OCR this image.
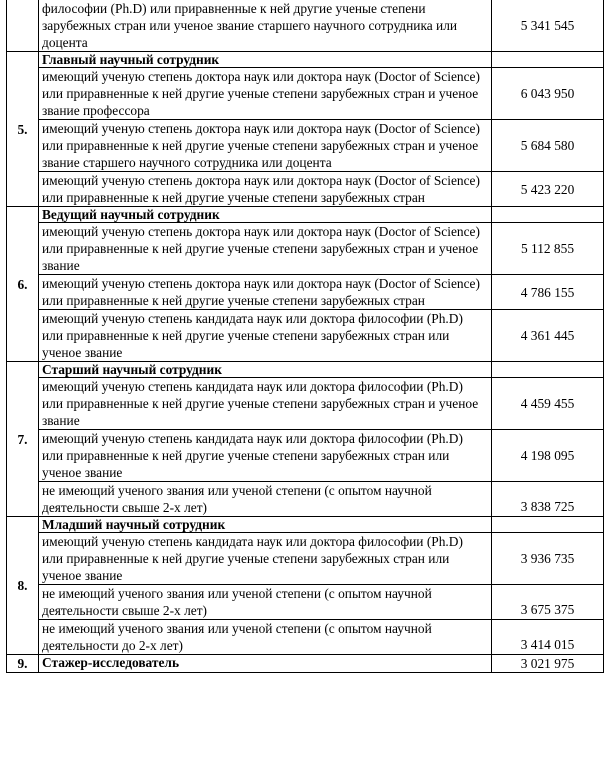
	философии (Ph.D) или приравненные к ней другие ученые степени зарубежных стран или ученое звание старшего научного сотрудника или доцента	5 341 545
5.	Главный научный сотрудник	
	имеющий ученую степень доктора наук или доктора наук (Doctor of Science) или приравненные к ней другие ученые степени зарубежных стран и ученое звание профессора	6 043 950
	имеющий ученую степень доктора наук или доктора наук (Doctor of Science) или приравненные к ней другие ученые степени зарубежных стран и ученое звание старшего научного сотрудника или доцента	5 684 580
	имеющий ученую степень доктора наук или доктора наук (Doctor of Science) или приравненные к ней другие ученые степени зарубежных стран	5 423 220
6.	Ведущий научный сотрудник	
	имеющий ученую степень доктора наук или доктора наук (Doctor of Science) или приравненные к ней другие ученые степени зарубежных стран и ученое звание	5 112 855
	имеющий ученую степень доктора наук или доктора наук (Doctor of Science) или приравненные к ней другие ученые степени зарубежных стран	4 786 155
	имеющий ученую степень кандидата наук или доктора философии (Ph.D) или приравненные к ней другие ученые степени зарубежных стран или ученое звание	4 361 445
7.	Старший научный сотрудник	
	имеющий ученую степень кандидата наук или доктора философии (Ph.D) или приравненные к ней другие ученые степени зарубежных стран и ученое звание	4 459 455
	имеющий ученую степень кандидата наук или доктора философии (Ph.D) или приравненные к ней другие ученые степени зарубежных стран или ученое звание	4 198 095
	не имеющий ученого звания или ученой степени (с опытом научной деятельности свыше 2-х лет)	3 838 725
8.	Младший научный сотрудник	
	имеющий ученую степень кандидата наук или доктора философии (Ph.D) или приравненные к ней другие ученые степени зарубежных стран или ученое звание	3 936 735
	не имеющий ученого звания или ученой степени (с опытом научной деятельности свыше 2-х лет)	3 675 375
	не имеющий ученого звания или ученой степени (с опытом научной деятельности до 2-х лет)	3 414 015
9.	Стажер-исследователь	3 021 975
